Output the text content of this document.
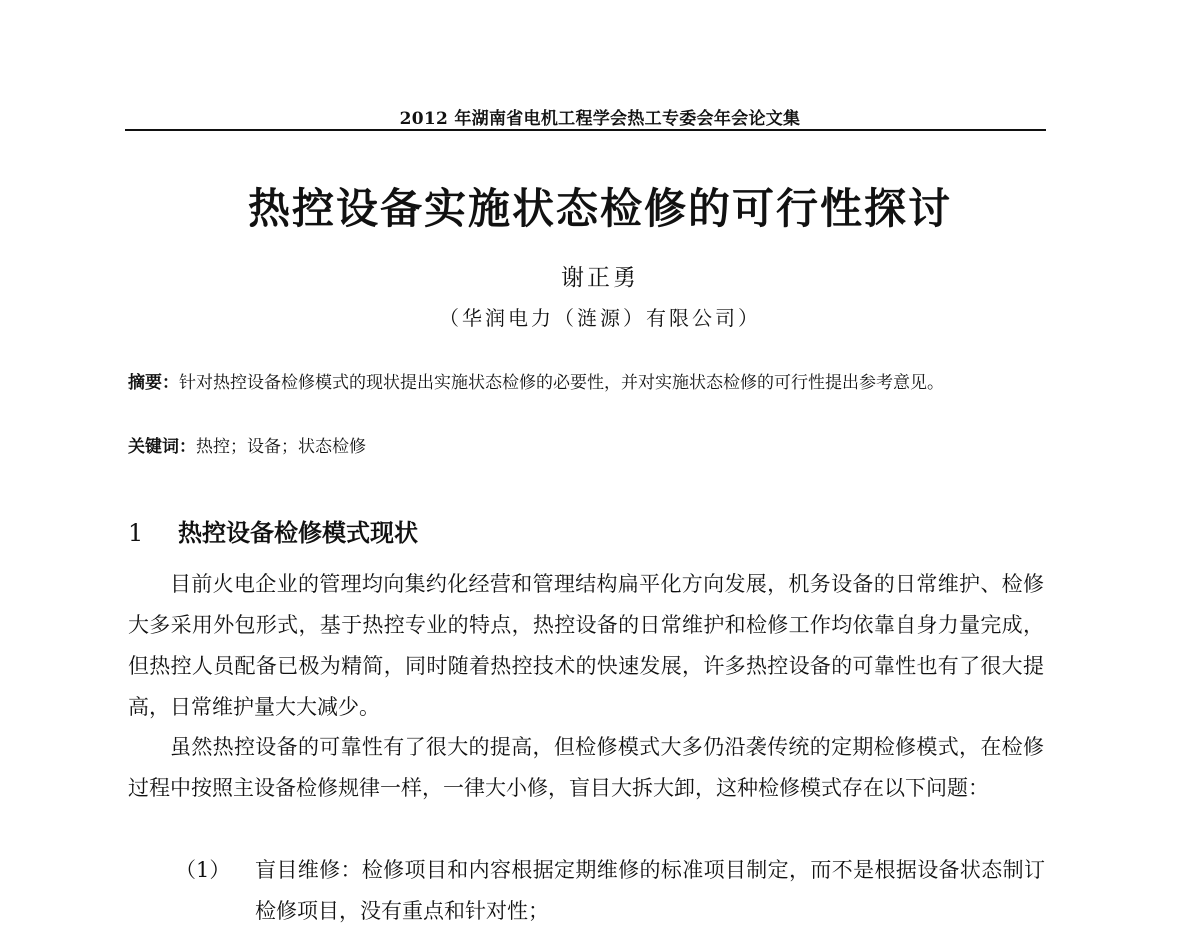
2012 年湖南省电机工程学会热工专委会年会论文集
热控设备实施状态检修的可行性探讨
谢正勇
（华润电力（涟源）有限公司）
摘要：针对热控设备检修模式的现状提出实施状态检修的必要性，并对实施状态检修的可行性提出参考意见。
关键词：热控；设备；状态检修
1 热控设备检修模式现状

目前火电企业的管理均向集约化经营和管理结构扁平化方向发展，机务设备的日常维护、检修大多采用外包形式，基于热控专业的特点，热控设备的日常维护和检修工作均依靠自身力量完成，但热控人员配备已极为精简，同时随着热控技术的快速发展，许多热控设备的可靠性也有了很大提高，日常维护量大大减少。

虽然热控设备的可靠性有了很大的提高，但检修模式大多仍沿袭传统的定期检修模式，在检修过程中按照主设备检修规律一样，一律大小修，盲目大拆大卸，这种检修模式存在以下问题：

（1）	盲目维修：检修项目和内容根据定期维修的标准项目制定，而不是根据设备状态制订检修项目，没有重点和针对性；
